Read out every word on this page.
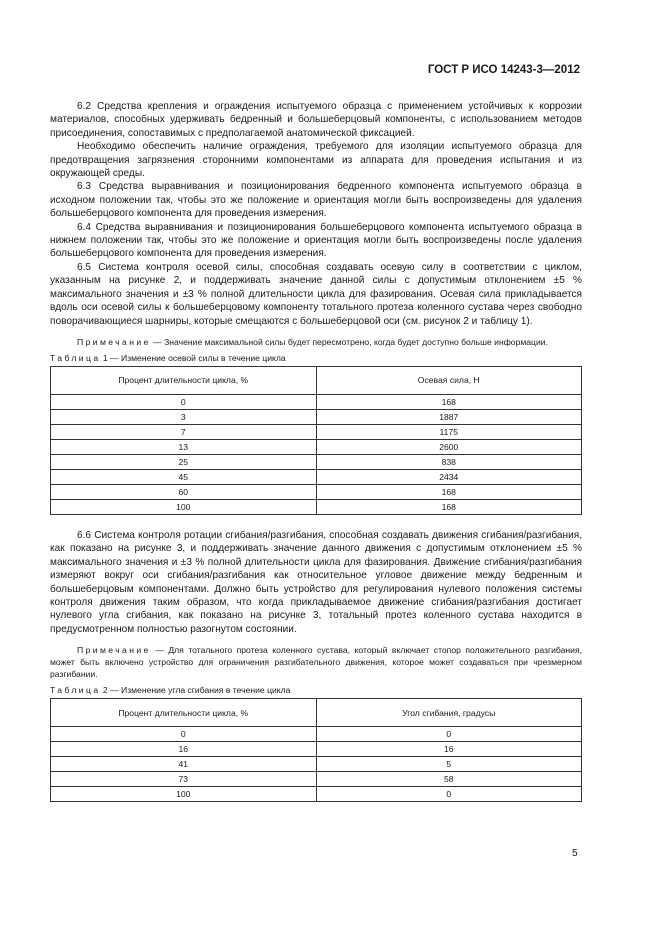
ГОСТ Р ИСО 14243-3—2012

6.2 Средства крепления и ограждения испытуемого образца с применением устойчивых к коррозии материалов, способных удерживать бедренный и большеберцовый компоненты, с использованием методов присоединения, сопоставимых с предполагаемой анатомической фиксацией.

Необходимо обеспечить наличие ограждения, требуемого для изоляции испытуемого образца для предотвращения загрязнения сторонними компонентами из аппарата для проведения испытания и из окружающей среды.

6.3 Средства выравнивания и позиционирования бедренного компонента испытуемого образца в исходном положении так, чтобы это же положение и ориентация могли быть воспроизведены для удаления большеберцового компонента для проведения измерения.

6.4 Средства выравнивания и позиционирования большеберцового компонента испытуемого образца в нижнем положении так, чтобы это же положение и ориентация могли быть воспроизведены после удаления большеберцового компонента для проведения измерения.

6.5 Система контроля осевой силы, способная создавать осевую силу в соответствии с циклом, указанным на рисунке 2, и поддерживать значение данной силы с допустимым отклонением ±5 % максимального значения и ±3 % полной длительности цикла для фазирования. Осевая сила прикладывается вдоль оси осевой силы к большеберцовому компоненту тотального протеза коленного сустава через свободно поворачивающиеся шарниры, которые смещаются с большеберцовой оси (см. рисунок 2 и таблицу 1).

Примечание — Значение максимальной силы будет пересмотрено, когда будет доступно больше информации.

Таблица 1 — Изменение осевой силы в течение цикла

Процент длительности цикла, %	Осевая сила, Н
0	168
3	1887
7	1175
13	2600
25	838
45	2434
60	168
100	168

6.6 Система контроля ротации сгибания/разгибания, способная создавать движения сгибания/разгибания, как показано на рисунке 3, и поддерживать значение данного движения с допустимым отклонением ±5 % максимального значения и ±3 % полной длительности цикла для фазирования. Движение сгибания/разгибания измеряют вокруг оси сгибания/разгибания как относительное угловое движение между бедренным и большеберцовым компонентами. Должно быть устройство для регулирования нулевого положения системы контроля движения таким образом, что когда прикладываемое движение сгибания/разгибания достигает нулевого угла сгибания, как показано на рисунке 3, тотальный протез коленного сустава находится в предусмотренном полностью разогнутом состоянии.

Примечание — Для тотального протеза коленного сустава, который включает стопор положительного разгибания, может быть включено устройство для ограничения разгибательного движения, которое может создаваться при чрезмерном разгибании.

Таблица 2 — Изменение угла сгибания в течение цикла

Процент длительности цикла, %	Угол сгибания, градусы
0	0
16	16
41	5
73	58
100	0
5
